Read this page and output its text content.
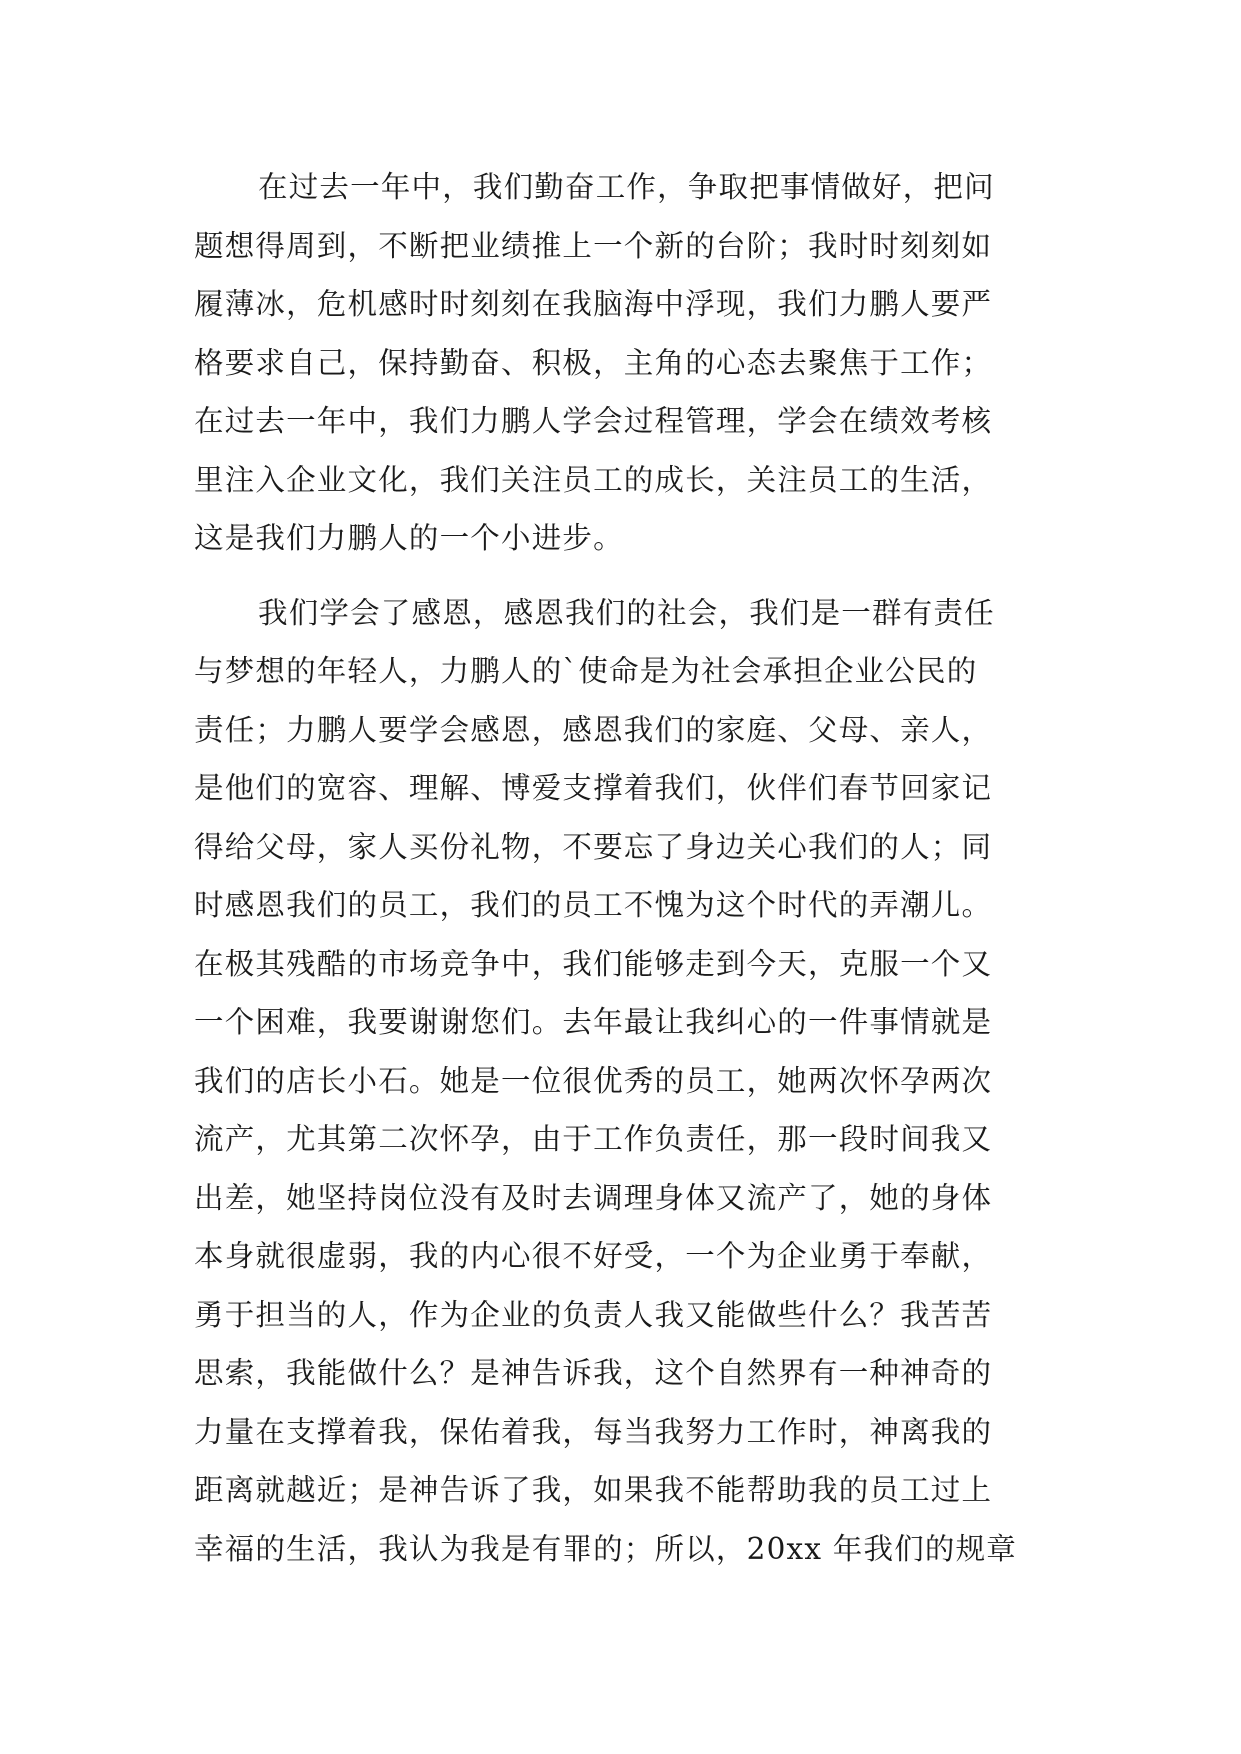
在过去一年中，我们勤奋工作，争取把事情做好，把问
题想得周到，不断把业绩推上一个新的台阶；我时时刻刻如
履薄冰，危机感时时刻刻在我脑海中浮现，我们力鹏人要严
格要求自己，保持勤奋、积极，主角的心态去聚焦于工作；
在过去一年中，我们力鹏人学会过程管理，学会在绩效考核
里注入企业文化，我们关注员工的成长，关注员工的生活，
这是我们力鹏人的一个小进步。
我们学会了感恩，感恩我们的社会，我们是一群有责任
与梦想的年轻人，力鹏人的`使命是为社会承担企业公民的
责任；力鹏人要学会感恩，感恩我们的家庭、父母、亲人，
是他们的宽容、理解、博爱支撑着我们，伙伴们春节回家记
得给父母，家人买份礼物，不要忘了身边关心我们的人；同
时感恩我们的员工，我们的员工不愧为这个时代的弄潮儿。
在极其残酷的市场竞争中，我们能够走到今天，克服一个又
一个困难，我要谢谢您们。去年最让我纠心的一件事情就是
我们的店长小石。她是一位很优秀的员工，她两次怀孕两次
流产，尤其第二次怀孕，由于工作负责任，那一段时间我又
出差，她坚持岗位没有及时去调理身体又流产了，她的身体
本身就很虚弱，我的内心很不好受，一个为企业勇于奉献，
勇于担当的人，作为企业的负责人我又能做些什么？我苦苦
思索，我能做什么？是神告诉我，这个自然界有一种神奇的
力量在支撑着我，保佑着我，每当我努力工作时，神离我的
距离就越近；是神告诉了我，如果我不能帮助我的员工过上
幸福的生活，我认为我是有罪的；所以，20xx 年我们的规章
